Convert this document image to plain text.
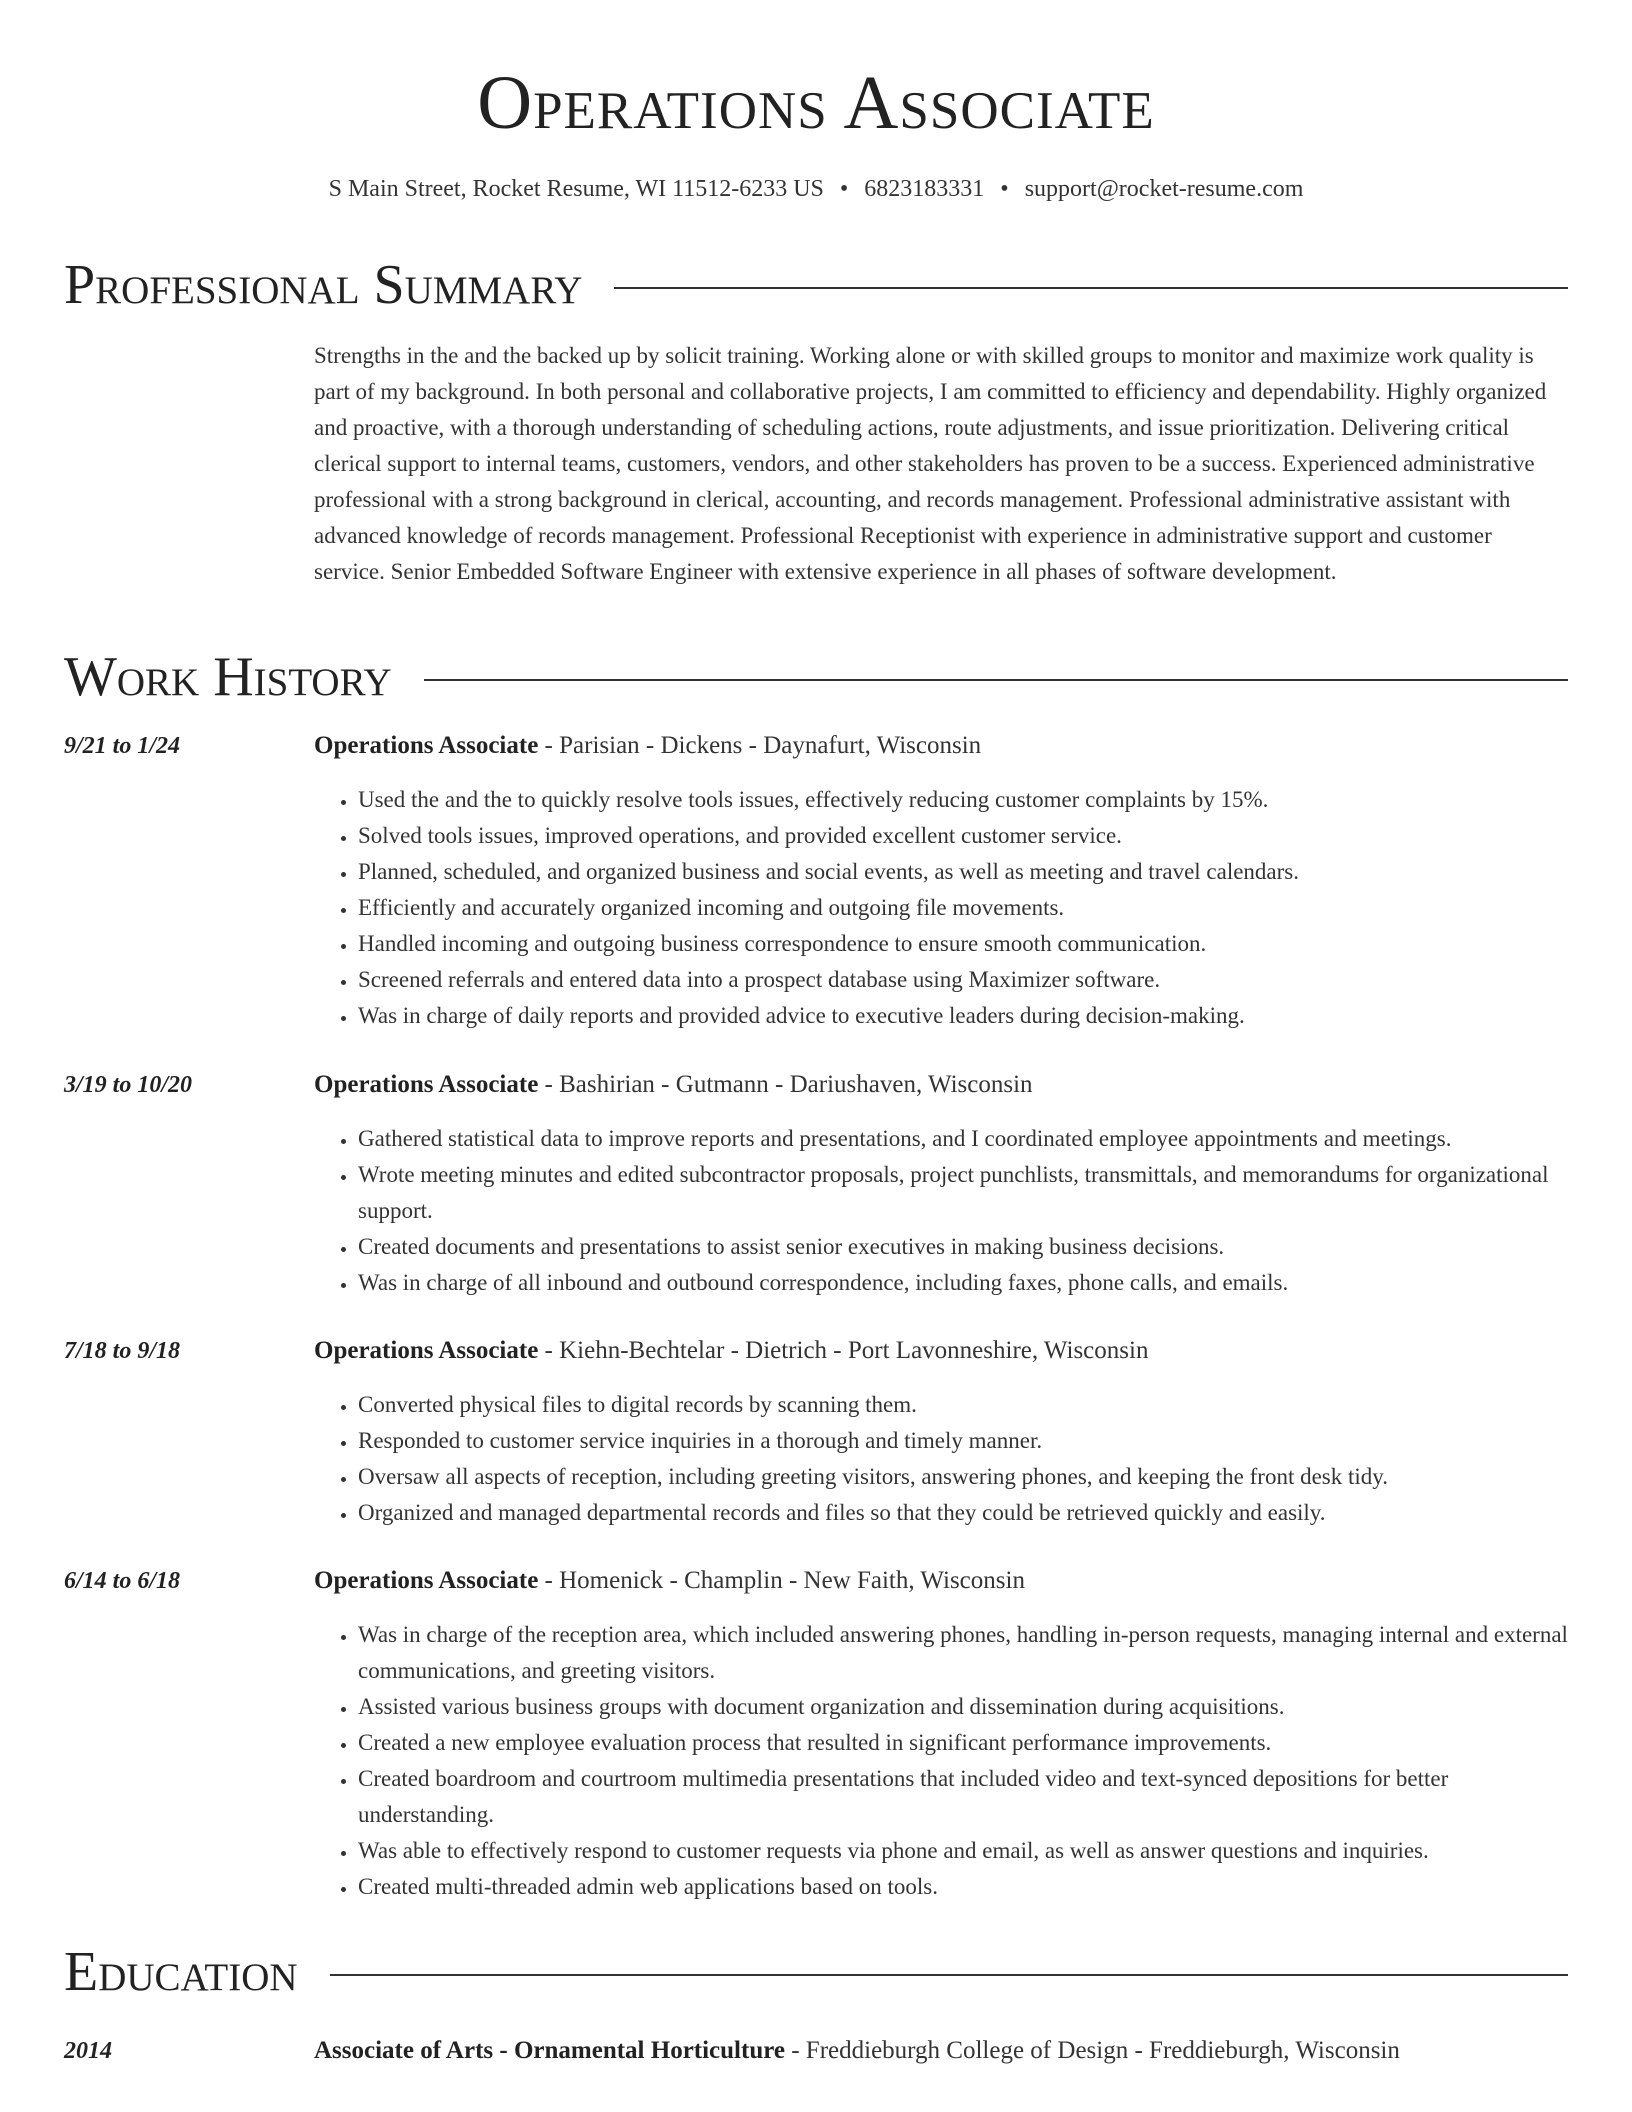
Operations Associate
S Main Street, Rocket Resume, WI 11512-6233 US • 6823183331 • support@rocket-resume.com
Professional Summary
Strengths in the and the backed up by solicit training. Working alone or with skilled groups to monitor and maximize work quality is part of my background. In both personal and collaborative projects, I am committed to efficiency and dependability. Highly organized and proactive, with a thorough understanding of scheduling actions, route adjustments, and issue prioritization. Delivering critical clerical support to internal teams, customers, vendors, and other stakeholders has proven to be a success. Experienced administrative professional with a strong background in clerical, accounting, and records management. Professional administrative assistant with advanced knowledge of records management. Professional Receptionist with experience in administrative support and customer service. Senior Embedded Software Engineer with extensive experience in all phases of software development.
Work History
9/21 to 1/24	Operations Associate - Parisian - Dickens - Daynafurt, Wisconsin
• Used the and the to quickly resolve tools issues, effectively reducing customer complaints by 15%.
• Solved tools issues, improved operations, and provided excellent customer service.
• Planned, scheduled, and organized business and social events, as well as meeting and travel calendars.
• Efficiently and accurately organized incoming and outgoing file movements.
• Handled incoming and outgoing business correspondence to ensure smooth communication.
• Screened referrals and entered data into a prospect database using Maximizer software.
• Was in charge of daily reports and provided advice to executive leaders during decision-making.
3/19 to 10/20	Operations Associate - Bashirian - Gutmann - Dariushaven, Wisconsin
• Gathered statistical data to improve reports and presentations, and I coordinated employee appointments and meetings.
• Wrote meeting minutes and edited subcontractor proposals, project punchlists, transmittals, and memorandums for organizational support.
• Created documents and presentations to assist senior executives in making business decisions.
• Was in charge of all inbound and outbound correspondence, including faxes, phone calls, and emails.
7/18 to 9/18	Operations Associate - Kiehn-Bechtelar - Dietrich - Port Lavonneshire, Wisconsin
• Converted physical files to digital records by scanning them.
• Responded to customer service inquiries in a thorough and timely manner.
• Oversaw all aspects of reception, including greeting visitors, answering phones, and keeping the front desk tidy.
• Organized and managed departmental records and files so that they could be retrieved quickly and easily.
6/14 to 6/18	Operations Associate - Homenick - Champlin - New Faith, Wisconsin
• Was in charge of the reception area, which included answering phones, handling in-person requests, managing internal and external communications, and greeting visitors.
• Assisted various business groups with document organization and dissemination during acquisitions.
• Created a new employee evaluation process that resulted in significant performance improvements.
• Created boardroom and courtroom multimedia presentations that included video and text-synced depositions for better understanding.
• Was able to effectively respond to customer requests via phone and email, as well as answer questions and inquiries.
• Created multi-threaded admin web applications based on tools.
Education
2014	Associate of Arts - Ornamental Horticulture - Freddieburgh College of Design - Freddieburgh, Wisconsin
